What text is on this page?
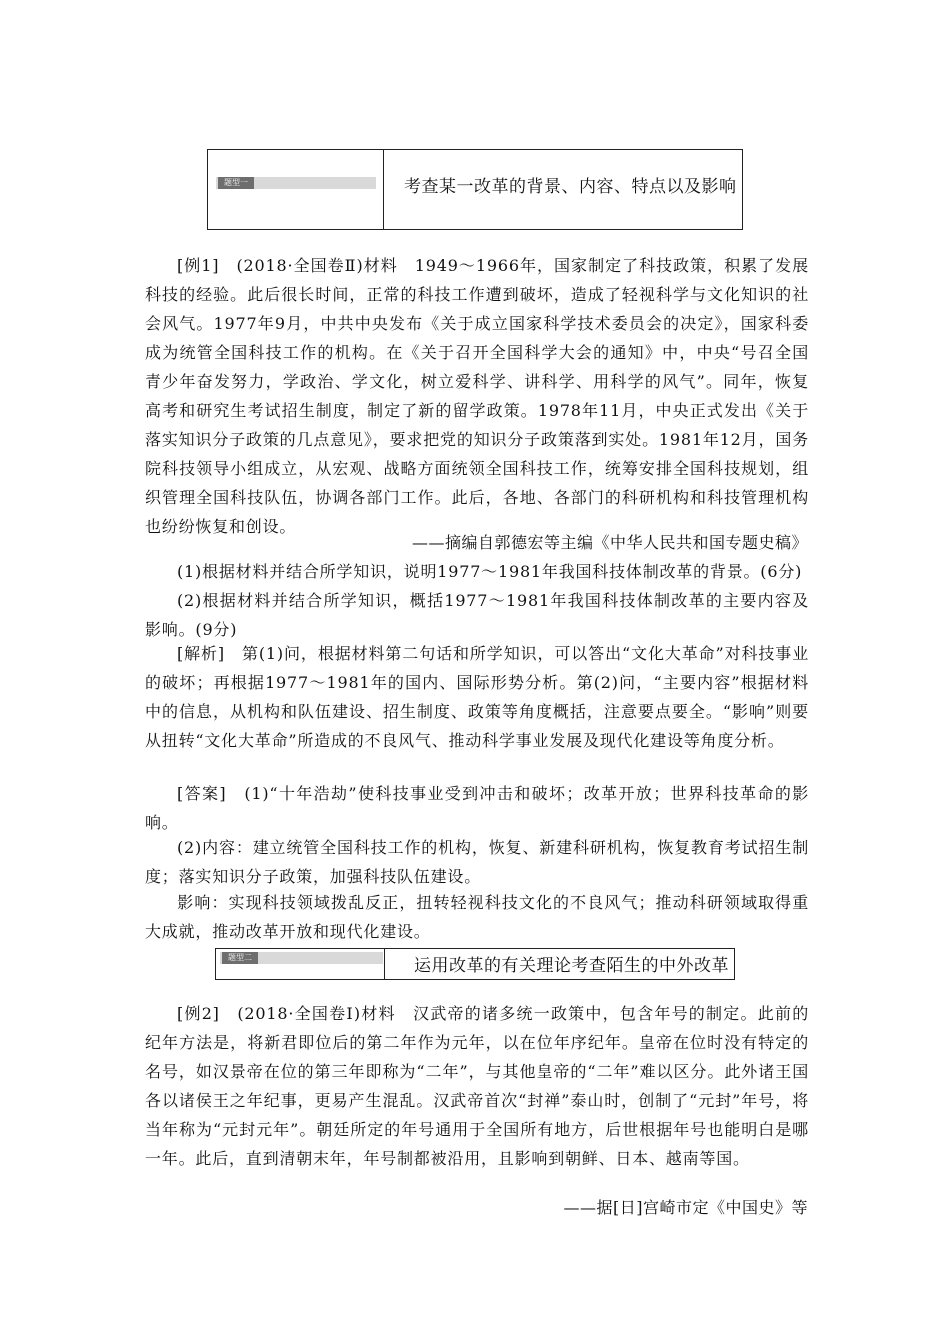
题型一	考查某一改革的背景、内容、特点以及影响
[例1]　(2018·全国卷Ⅱ)材料　1949～1966年，国家制定了科技政策，积累了发展科技的经验。此后很长时间，正常的科技工作遭到破坏，造成了轻视科学与文化知识的社会风气。1977年9月，中共中央发布《关于成立国家科学技术委员会的决定》，国家科委成为统管全国科技工作的机构。在《关于召开全国科学大会的通知》中，中央“号召全国青少年奋发努力，学政治、学文化，树立爱科学、讲科学、用科学的风气”。同年，恢复高考和研究生考试招生制度，制定了新的留学政策。1978年11月，中央正式发出《关于落实知识分子政策的几点意见》，要求把党的知识分子政策落到实处。1981年12月，国务院科技领导小组成立，从宏观、战略方面统领全国科技工作，统筹安排全国科技规划，组织管理全国科技队伍，协调各部门工作。此后，各地、各部门的科研机构和科技管理机构也纷纷恢复和创设。
——摘编自郭德宏等主编《中华人民共和国专题史稿》
(1)根据材料并结合所学知识，说明1977～1981年我国科技体制改革的背景。(6分)
(2)根据材料并结合所学知识，概括1977～1981年我国科技体制改革的主要内容及影响。(9分)
[解析]　第(1)问，根据材料第二句话和所学知识，可以答出“文化大革命”对科技事业的破坏；再根据1977～1981年的国内、国际形势分析。第(2)问，“主要内容”根据材料中的信息，从机构和队伍建设、招生制度、政策等角度概括，注意要点要全。“影响”则要从扭转“文化大革命”所造成的不良风气、推动科学事业发展及现代化建设等角度分析。
[答案]　(1)“十年浩劫”使科技事业受到冲击和破坏；改革开放；世界科技革命的影响。
(2)内容：建立统管全国科技工作的机构，恢复、新建科研机构，恢复教育考试招生制度；落实知识分子政策，加强科技队伍建设。
影响：实现科技领域拨乱反正，扭转轻视科技文化的不良风气；推动科研领域取得重大成就，推动改革开放和现代化建设。
题型二	运用改革的有关理论考查陌生的中外改革
[例2]　(2018·全国卷Ⅰ)材料　汉武帝的诸多统一政策中，包含年号的制定。此前的纪年方法是，将新君即位后的第二年作为元年，以在位年序纪年。皇帝在位时没有特定的名号，如汉景帝在位的第三年即称为“二年”，与其他皇帝的“二年”难以区分。此外诸王国各以诸侯王之年纪事，更易产生混乱。汉武帝首次“封禅”泰山时，创制了“元封”年号，将当年称为“元封元年”。朝廷所定的年号通用于全国所有地方，后世根据年号也能明白是哪一年。此后，直到清朝末年，年号制都被沿用，且影响到朝鲜、日本、越南等国。
——据[日]宫崎市定《中国史》等
